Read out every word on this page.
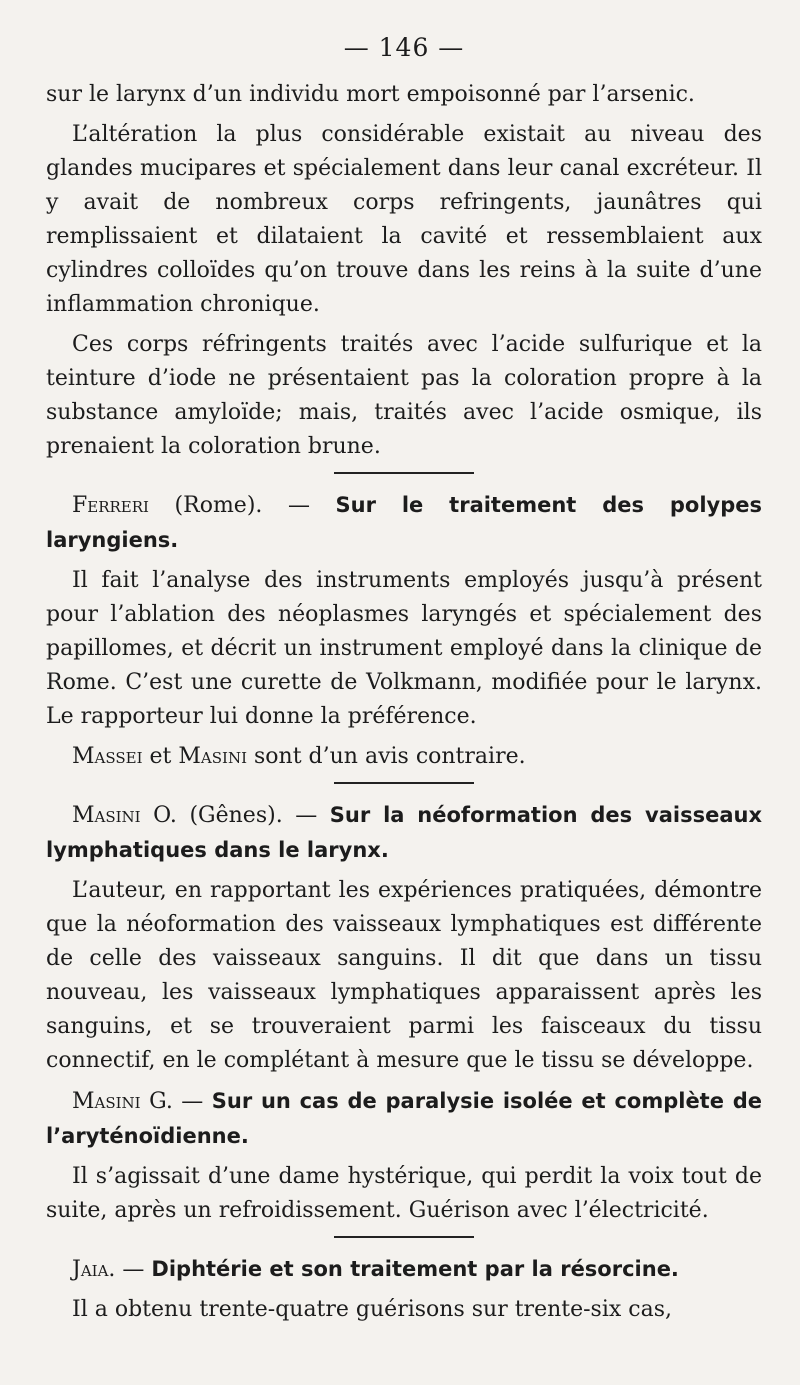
— 146 —

sur le larynx d’un individu mort empoisonné par l’arsenic.

L’altération la plus considérable existait au niveau des glandes mucipares et spécialement dans leur canal excréteur. Il y avait de nombreux corps refringents, jaunâtres qui remplissaient et dilataient la cavité et ressemblaient aux cylindres colloïdes qu’on trouve dans les reins à la suite d’une inflammation chronique.

Ces corps réfringents traités avec l’acide sulfurique et la teinture d’iode ne présentaient pas la coloration propre à la substance amyloïde; mais, traités avec l’acide osmique, ils prenaient la coloration brune.

Ferreri (Rome). — Sur le traitement des polypes laryngiens.

Il fait l’analyse des instruments employés jusqu’à présent pour l’ablation des néoplasmes laryngés et spécialement des papillomes, et décrit un instrument employé dans la clinique de Rome. C’est une curette de Volkmann, modifiée pour le larynx. Le rapporteur lui donne la préférence.

Massei et Masini sont d’un avis contraire.

Masini O. (Gênes). — Sur la néoformation des vaisseaux lymphatiques dans le larynx.

L’auteur, en rapportant les expériences pratiquées, démontre que la néoformation des vaisseaux lymphatiques est différente de celle des vaisseaux sanguins. Il dit que dans un tissu nouveau, les vaisseaux lymphatiques apparaissent après les sanguins, et se trouveraient parmi les faisceaux du tissu connectif, en le complétant à mesure que le tissu se développe.

Masini G. — Sur un cas de paralysie isolée et complète de l’aryténoïdienne.

Il s’agissait d’une dame hystérique, qui perdit la voix tout de suite, après un refroidissement. Guérison avec l’électricité.

Jaia. — Diphtérie et son traitement par la résorcine.

Il a obtenu trente-quatre guérisons sur trente-six cas,
